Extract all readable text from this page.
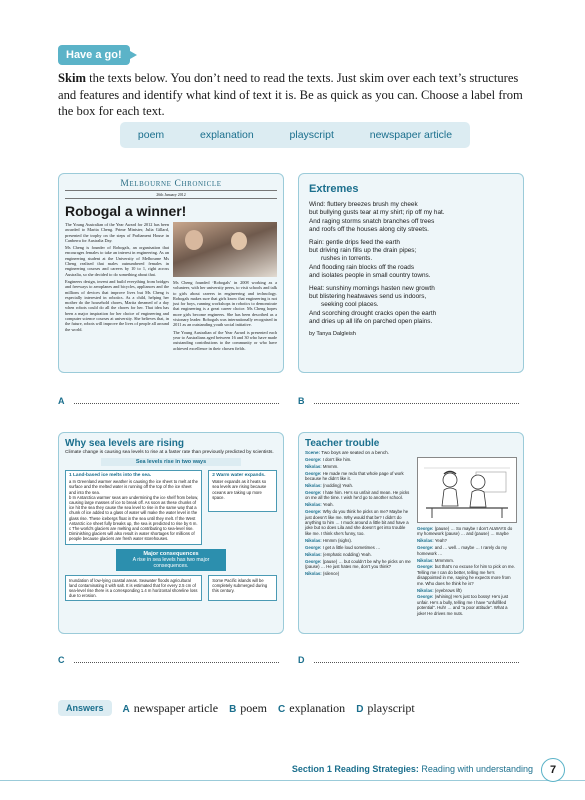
Have a go!
Skim the texts below. You don’t need to read the texts. Just skim over each text’s structures and features and identify what kind of text it is. Be as quick as you can. Choose a label from the box for each text.
poem	explanation	playscript	newspaper article
Melbourne Chronicle
26th January 2012
Robogal a winner!

The Young Australian of the Year Award for 2012 has been awarded to Marita Cheng. Prime Minister, Julia Gillard, presented the trophy on the steps of Parliament House in Canberra for Australia Day.

Ms Cheng is founder of Robogals, an organisation that encourages females to take an interest in engineering. As an engineering student at the University of Melbourne Ms Cheng realised that males outnumbered females in engineering courses and careers by 10 to 1, right across Australia, so she decided to do something about that.

Engineers design, invent and build everything from bridges and freeways to aeroplanes and bicycles, appliances and the millions of devices that improve lives but Ms Cheng is especially interested in robotics. As a child, helping her mother do the household chores, Marita dreamed of a day when robots could do all the chores for her. That idea has been a major inspiration for her choice of engineering and computer science courses at university. She believes that, in the future, robots will improve the lives of people all around the world.

Ms Cheng founded ‘Robogals’ in 2008 working as a volunteer, with her university peers, to visit schools and talk to girls about careers in engineering and technology. Robogals makes sure that girls know that engineering is not just for boys, running workshops in robotics to demonstrate that engineering is a great career choice. Ms Cheng hopes more girls become engineers. She has been described as a visionary leader. Robogals was internationally recognised in 2011 as an outstanding youth social initiative.

The Young Australian of the Year Award is presented each year to Australians aged between 16 and 30 who have made outstanding contributions to the community or who have achieved excellence in their chosen fields.

Extremes
Wind: fluttery breezes brush my cheek
but bullying gusts tear at my shirt; rip off my hat.
And raging storms snatch branches off trees
and roofs off the houses along city streets.
Rain: gentle drips feed the earth
but driving rain fills up the drain pipes;
rushes in torrents.
And flooding rain blocks off the roads
and isolates people in small country towns.
Heat: sunshiny mornings hasten new growth
but blistering heatwaves send us indoors,
seeking cool places.
And scorching drought cracks open the earth
and dries up all life on parched open plains.
by Tanya Dalgleish
A	B
Why sea levels are rising
Climate change is causing sea levels to rise at a faster rate than previously predicted by scientists.
Sea levels rise in two ways
1 Land-based ice melts into the sea.
a In Greenland warmer weather is causing the ice sheet to melt at the surface and the melted water is running off the top of the ice sheet and into the sea.
b In Antarctica warmer seas are undermining the ice shelf from below, causing large masses of ice to break off. As soon as these chunks of ice hit the sea they cause the sea level to rise in the same way that a chunk of ice added to a glass of water will make the water level in the glass rise. These icebergs float in the sea until they melt. If the West Antarctic ice sheet fully breaks up, the sea is predicted to rise by 6 m.
c The world’s glaciers are melting and contributing to sea-level rise. Diminishing glaciers will also result in water shortages for millions of people because glaciers are fresh water storehouses.
2 Warm water expands.
Water expands as it heats so sea levels are rising because oceans are taking up more space.
Major consequences
A rise in sea levels has two major consequences.
Inundation of low-lying coastal areas. Seawater floods agricultural land contaminating it with salt. It is estimated that for every 2.5 cm of sea-level rise there is a corresponding 1.4 m horizontal shoreline loss due to erosion.
Some Pacific islands will be completely submerged during this century.
Teacher trouble
Scene: Two boys are seated on a bench.
George: I don’t like him.
Nikolas: Mmmm.
George: He made me redo that whole page of work because he didn’t like it.
Nikolas: (nodding) Yeah.
George: I hate him. He’s so unfair and mean. He picks on me all the time. I wish he’d go to another school.
Nikolas: Yeah.
George: Why do you think he picks on me? Maybe he just doesn’t like me. Why would that be? I didn’t do anything to him … I muck around a little bit and have a joke but so does Lila and she doesn’t get into trouble like me. I think she’s funny, too.
Nikolas: Hmmm (sighs).
George: I get a little loud sometimes …
Nikolas: (emphatic nodding) Yeah.
George: (pause) … but couldn’t be why he picks on me (pause) … He just hates me, don’t you think?
Nikolas: (silence)
George: (pause) … So maybe I don’t ALWAYS do my homework (pause) … and (pause) … maybe
Nikolas: Yeah?
George: and … well… maybe … I rarely do my homework …
Nikolas: Mmmmm.
George: but that’s no excuse for him to pick on me. Telling me I can do better, telling me he’s disappointed in me, saying he expects more from me. Who does he think he is?
Nikolas: (eyebrows lift)
George: (whining) He’s just too bossy! He’s just unfair. He’s a bully, telling me I have “unfulfilled potential”. Huh! … and “a poor attitude”. What a joke! He drives me nuts.
C	D
Answers	A newspaper article B poem C explanation D playscript
Section 1 Reading Strategies: Reading with understanding	7
